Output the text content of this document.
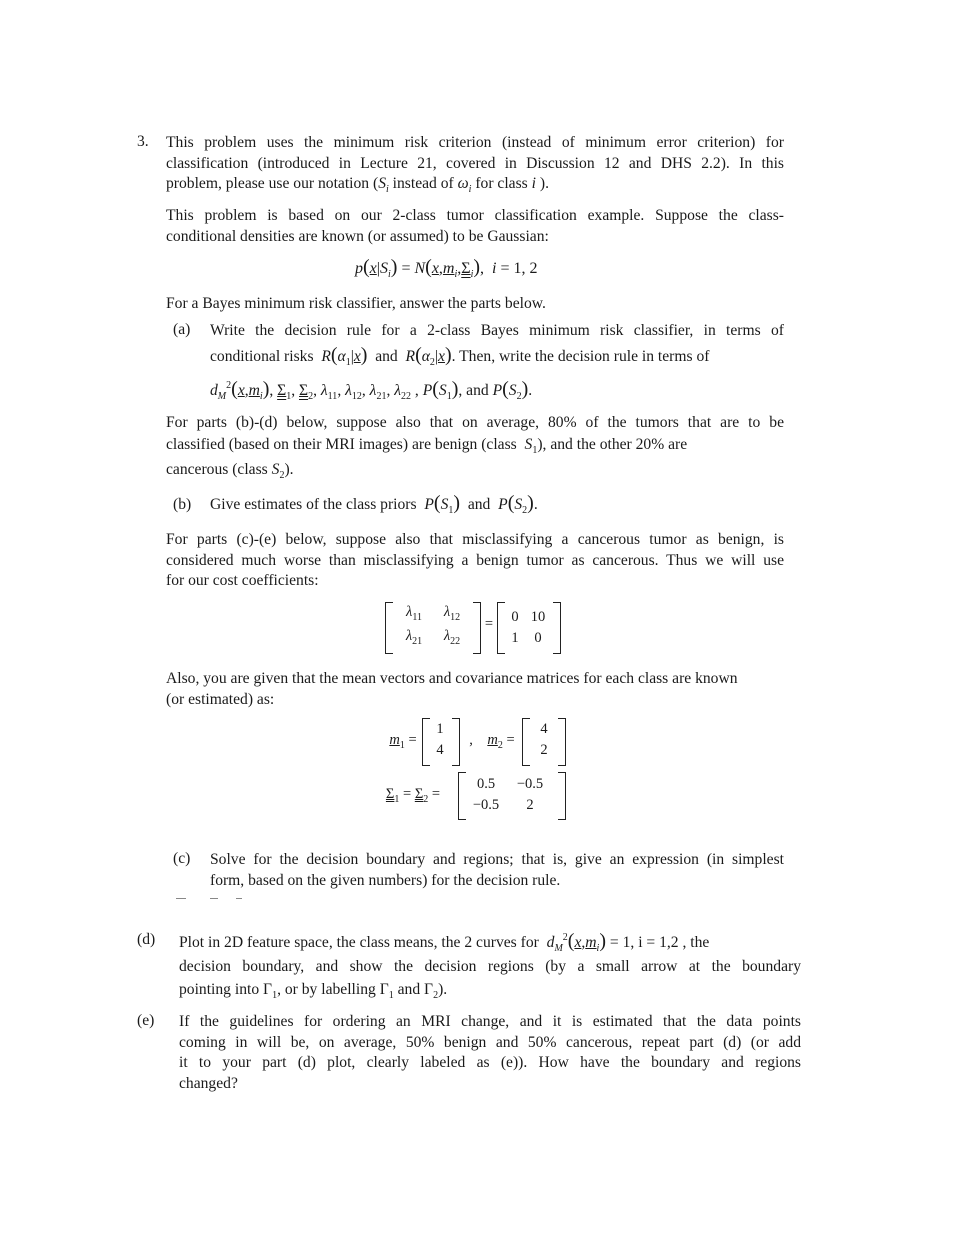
3. This problem uses the minimum risk criterion (instead of minimum error criterion) for
classification (introduced in Lecture 21, covered in Discussion 12 and DHS 2.2). In this
problem, please use our notation ($S_i$ instead of $\omega_i$ for class i ).
This problem is based on our 2-class tumor classification example. Suppose the class-
conditional densities are known (or assumed) to be Gaussian:
$p(x|S_i) = N(x,m_i,\Sigma_i)$,  i = 1, 2
For a Bayes minimum risk classifier, answer the parts below.
(a) Write the decision rule for a 2-class Bayes minimum risk classifier, in terms of
conditional risks $R(\alpha_1|x)$ and $R(\alpha_2|x)$. Then, write the decision rule in terms of
$d_M^2(x,m_i)$, $\Sigma_1$, $\Sigma_2$, $\lambda_{11}$, $\lambda_{12}$, $\lambda_{21}$, $\lambda_{22}$ , $P(S_1)$, and $P(S_2)$.
For parts (b)-(d) below, suppose also that on average, 80% of the tumors that are to be
classified (based on their MRI images) are benign (class $S_1$), and the other 20% are
cancerous (class $S_2$).
(b) Give estimates of the class priors $P(S_1)$ and $P(S_2)$.
For parts (c)-(e) below, suppose also that misclassifying a cancerous tumor as benign, is
considered much worse than misclassifying a benign tumor as cancerous. Thus we will use
for our cost coefficients:
$\lambda_{11}$	$\lambda_{12}$
$\lambda_{21}$	$\lambda_{22}$
=	0 10
1	0
Also, you are given that the mean vectors and covariance matrices for each class are known
(or estimated) as:
$m_1$ =
1
4
,	$m_2$ =
4
2
$\Sigma_1 = \Sigma_2$ =
0.5	−0.5
−0.5	2
(c) Solve for the decision boundary and regions; that is, give an expression (in simplest
form, based on the given numbers) for the decision rule.
(d) Plot in 2D feature space, the class means, the 2 curves for $d_M^2(x,m_i) = 1$, i = 1,2 , the
decision boundary, and show the decision regions (by a small arrow at the boundary
pointing into $\Gamma_1$, or by labelling $\Gamma_1$ and $\Gamma_2$).
(e) If the guidelines for ordering an MRI change, and it is estimated that the data points
coming in will be, on average, 50% benign and 50% cancerous, repeat part (d) (or add
it to your part (d) plot, clearly labeled as (e)). How have the boundary and regions
changed?
